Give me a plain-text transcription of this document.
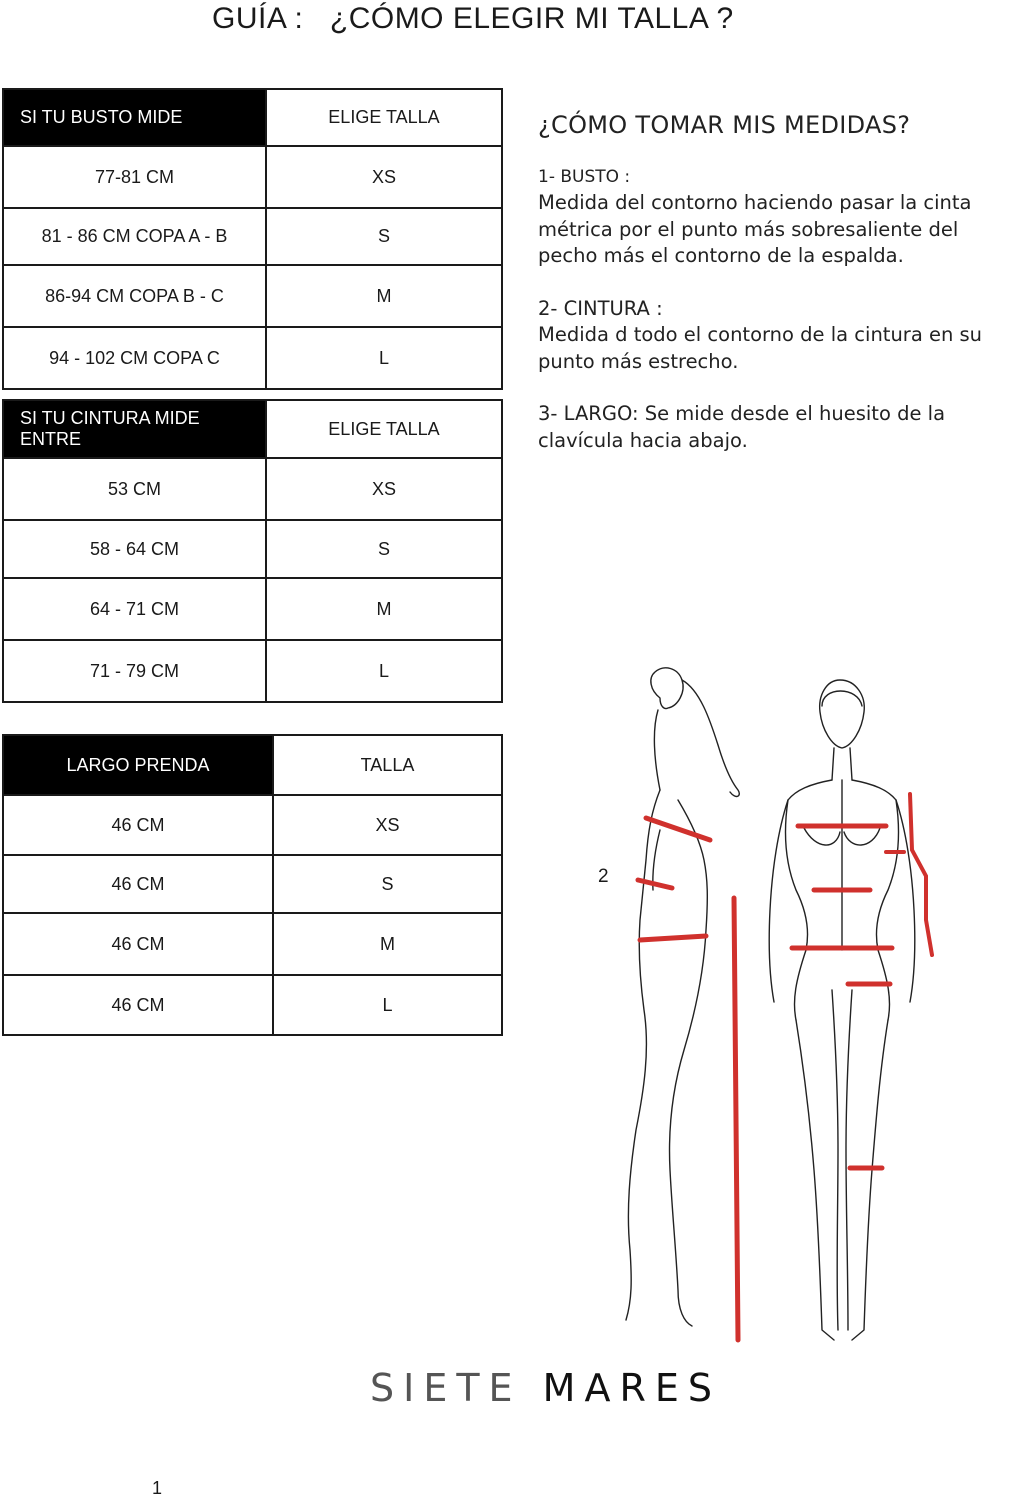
GUÍA :   ¿CÓMO ELEGIR MI TALLA ?
SI TU BUSTO MIDE	ELIGE TALLA
77-81 CM	XS
81 - 86 CM COPA A - B	S
86-94 CM COPA B - C	M
94 - 102 CM COPA C	L
SI TU CINTURA MIDE ENTRE	ELIGE TALLA
53 CM	XS
58 - 64 CM	S
64 - 71 CM	M
71 - 79 CM	L
LARGO PRENDA	TALLA
46 CM	XS
46 CM	S
46 CM	M
46 CM	L
¿CÓMO TOMAR MIS MEDIDAS?

1- BUSTO :
Medida del contorno haciendo pasar la cinta métrica por el punto más sobresaliente del pecho más el contorno de la espalda.

2- CINTURA :
Medida d todo el contorno de la cintura en su punto más estrecho.

3- LARGO: Se mide desde el huesito de la clavícula hacia abajo.

2
SIETE MARES
1
